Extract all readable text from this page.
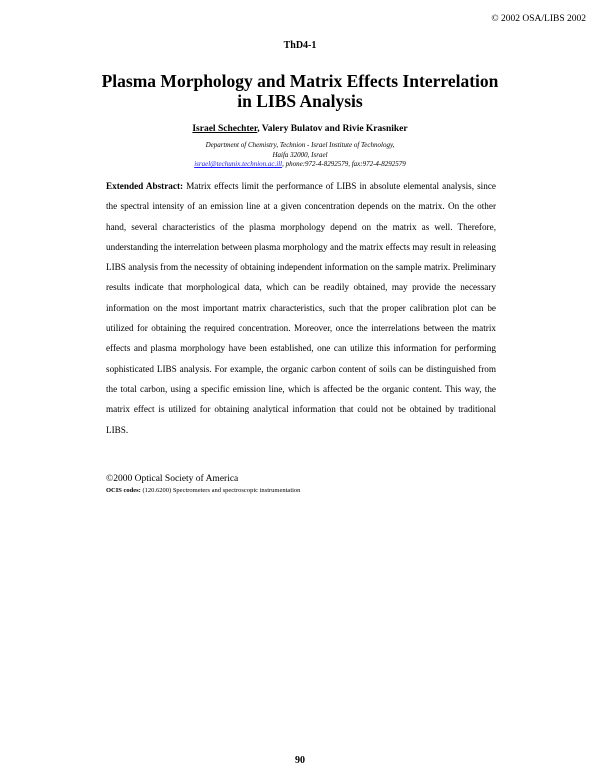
© 2002 OSA/LIBS 2002
ThD4-1
Plasma Morphology and Matrix Effects Interrelation
in LIBS Analysis
Israel Schechter, Valery Bulatov and Rivie Krasniker
Department of Chemistry, Technion - Israel Institute of Technology,
Haifa 32000, Israel
israel@techunix.technion.ac.ill, phone:972-4-8292579, fax:972-4-8292579

Extended Abstract: Matrix effects limit the performance of LIBS in absolute elemental analysis, since the spectral intensity of an emission line at a given concentration depends on the matrix. On the other hand, several characteristics of the plasma morphology depend on the matrix as well. Therefore, understanding the interrelation between plasma morphology and the matrix effects may result in releasing LIBS analysis from the necessity of obtaining independent information on the sample matrix. Preliminary results indicate that morphological data, which can be readily obtained, may provide the necessary information on the most important matrix characteristics, such that the proper calibration plot can be utilized for obtaining the required concentration. Moreover, once the interrelations between the matrix effects and plasma morphology have been established, one can utilize this information for performing sophisticated LIBS analysis. For example, the organic carbon content of soils can be distinguished from the total carbon, using a specific emission line, which is affected be the organic content. This way, the matrix effect is utilized for obtaining analytical information that could not be obtained by traditional LIBS.

©2000 Optical Society of America
OCIS codes: (120.6200) Spectrometers and spectroscopic instrumentation
90
